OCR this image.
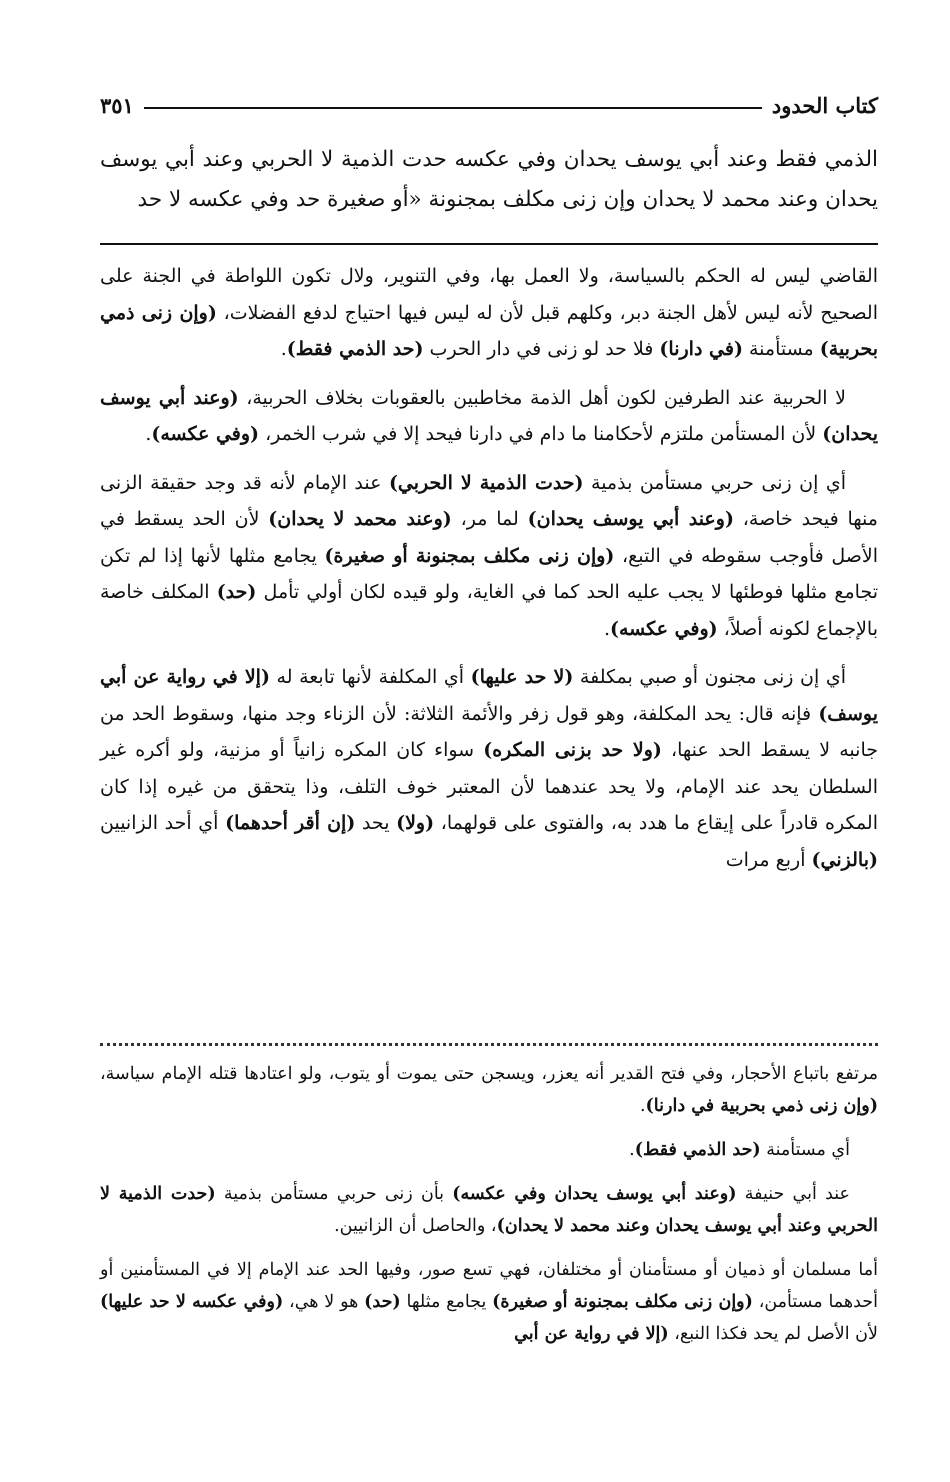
كتاب الحدود
٣٥١
الذمي فقط وعند أبي يوسف يحدان وفي عكسه حدت الذمية لا الحربي وعند أبي يوسف يحدان وعند محمد لا يحدان وإن زنى مكلف بمجنونة «أو صغيرة حد وفي عكسه لا حد

القاضي ليس له الحكم بالسياسة، ولا العمل بها، وفي التنوير، ولال تكون اللواطة في الجنة على الصحيح لأنه ليس لأهل الجنة دبر، وكلهم قبل لأن له ليس فيها احتياج لدفع الفضلات، (وإن زنى ذمي بحربية) مستأمنة (في دارنا) فلا حد لو زنى في دار الحرب (حد الذمي فقط).

لا الحربية عند الطرفين لكون أهل الذمة مخاطبين بالعقوبات بخلاف الحربية، (وعند أبي يوسف يحدان) لأن المستأمن ملتزم لأحكامنا ما دام في دارنا فيحد إلا في شرب الخمر، (وفي عكسه).

أي إن زنى حربي مستأمن بذمية (حدت الذمية لا الحربي) عند الإمام لأنه قد وجد حقيقة الزنى منها فيحد خاصة، (وعند أبي يوسف يحدان) لما مر، (وعند محمد لا يحدان) لأن الحد يسقط في الأصل فأوجب سقوطه في التبع، (وإن زنى مكلف بمجنونة أو صغيرة) يجامع مثلها لأنها إذا لم تكن تجامع مثلها فوطئها لا يجب عليه الحد كما في الغاية، ولو قيده لكان أولي تأمل (حد) المكلف خاصة بالإجماع لكونه أصلاً، (وفي عكسه).

أي إن زنى مجنون أو صبي بمكلفة (لا حد عليها) أي المكلفة لأنها تابعة له (إلا في رواية عن أبي يوسف) فإنه قال: يحد المكلفة، وهو قول زفر والأئمة الثلاثة: لأن الزناء وجد منها، وسقوط الحد من جانبه لا يسقط الحد عنها، (ولا حد بزنى المكره) سواء كان المكره زانياً أو مزنية، ولو أكره غير السلطان يحد عند الإمام، ولا يحد عندهما لأن المعتبر خوف التلف، وذا يتحقق من غيره إذا كان المكره قادراً على إيقاع ما هدد به، والفتوى على قولهما، (ولا) يحد (إن أقر أحدهما) أي أحد الزانيين (بالزني) أربع مرات

مرتفع باتباع الأحجار، وفي فتح القدير أنه يعزر، ويسجن حتى يموت أو يتوب، ولو اعتادها قتله الإمام سياسة، (وإن زنى ذمي بحربية في دارنا).

أي مستأمنة (حد الذمي فقط).

عند أبي حنيفة (وعند أبي يوسف يحدان وفي عكسه) بأن زنى حربي مستأمن بذمية (حدت الذمية لا الحربي وعند أبي يوسف يحدان وعند محمد لا يحدان)، والحاصل أن الزانيين.

أما مسلمان أو ذميان أو مستأمنان أو مختلفان، فهي تسع صور، وفيها الحد عند الإمام إلا في المستأمنين أو أحدهما مستأمن، (وإن زنى مكلف بمجنونة أو صغيرة) يجامع مثلها (حد) هو لا هي، (وفي عكسه لا حد عليها) لأن الأصل لم يحد فكذا النبع، (إلا في رواية عن أبي
